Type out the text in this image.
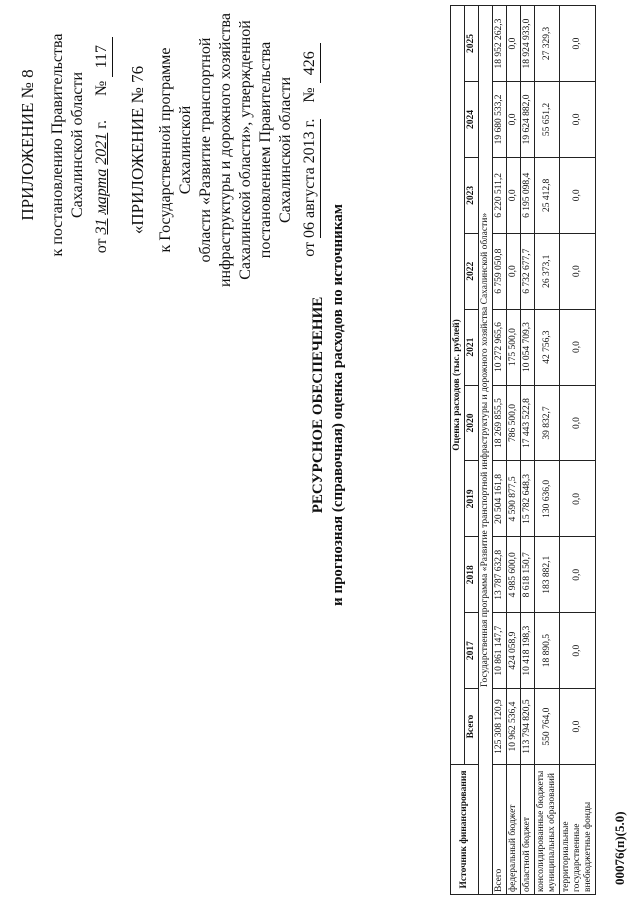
ПРИЛОЖЕНИЕ № 8 к постановлению Правительства Сахалинской области
от 31 марта 2021 г.      № 117
«ПРИЛОЖЕНИЕ № 76 к Государственной программе Сахалинской области «Развитие транспортной инфраструктуры и дорожного хозяйства Сахалинской области», утвержденной постановлением Правительства Сахалинской области
от 06 августа 2013 г.    № 426
РЕСУРСНОЕ ОБЕСПЕЧЕНИЕ и прогнозная (справочная) оценка расходов по источникам
Источник финансирования	Оценка расходов (тыс. рублей)									
	Всего	2017	2018	2019	2020	2021	2022	2023	2024	2025
Государственная программа «Развитие транспортной инфраструктуры и дорожного хозяйства Сахалинской области»										
Всего	125 308 120,9	10 861 147,7	13 787 632,8	20 504 161,8	18 269 855,5	10 272 965,6	6 759 050,8	6 220 511,2	19 680 533,2	18 952 262,3
федеральный бюджет	10 962 536,4	424 058,9	4 985 600,0	4 590 877,5	786 500,0	175 500,0	0,0	0,0	0,0	0,0
областной бюджет	113 794 820,5	10 418 198,3	8 618 150,7	15 782 648,3	17 443 522,8	10 054 709,3	6 732 677,7	6 195 098,4	19 624 882,0	18 924 933,0
консолидированные бюджеты муниципальных образований	550 764,0	18 890,5	183 882,1	130 636,0	39 832,7	42 756,3	26 373,1	25 412,8	55 651,2	27 329,3
территориальные государственные внебюджетные фонды	0,0	0,0	0,0	0,0	0,0	0,0	0,0	0,0	0,0	0,0
00076(п)(5.0)
